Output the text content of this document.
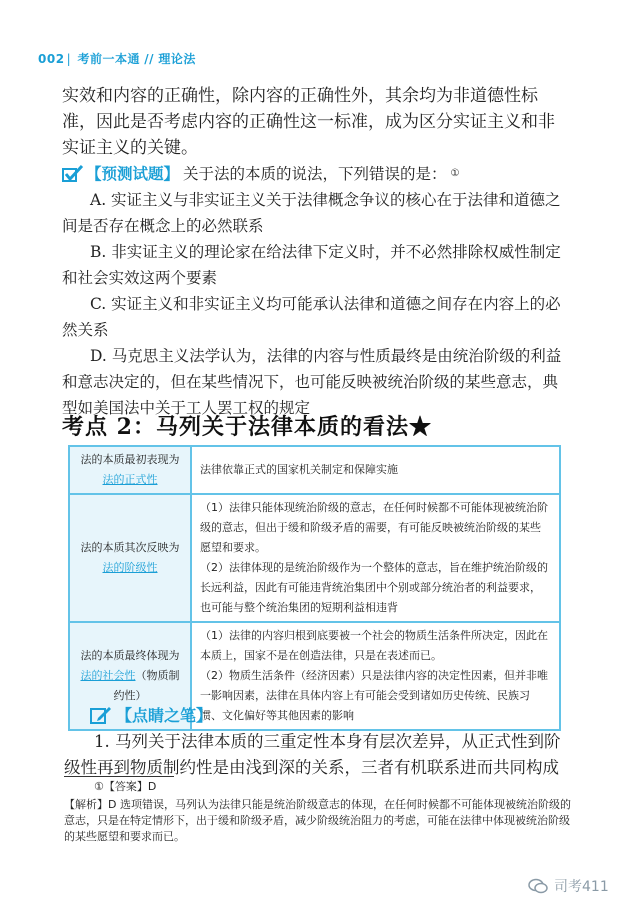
002 | 考前一本通 // 理论法
实效和内容的正确性，除内容的正确性外，其余均为非道德性标准，因此是否考虑内容的正确性这一标准，成为区分实证主义和非实证主义的关键。
【预测试题】 关于法的本质的说法，下列错误的是： ①
A. 实证主义与非实证主义关于法律概念争议的核心在于法律和道德之间是否存在概念上的必然联系
B. 非实证主义的理论家在给法律下定义时，并不必然排除权威性制定和社会实效这两个要素
C. 实证主义和非实证主义均可能承认法律和道德之间存在内容上的必然关系
D. 马克思主义法学认为，法律的内容与性质最终是由统治阶级的利益和意志决定的，但在某些情况下，也可能反映被统治阶级的某些意志，典型如美国法中关于工人罢工权的规定
考点 2：马列关于法律本质的看法★
法的本质最初表现为法的正式性	法律依靠正式的国家机关制定和保障实施

法的本质其次反映为法的阶级性	（1）法律只能体现统治阶级的意志，在任何时候都不可能体现被统治阶级的意志，但出于缓和阶级矛盾的需要，有可能反映被统治阶级的某些愿望和要求。
（2）法律体现的是统治阶级作为一个整体的意志，旨在维护统治阶级的长远利益，因此有可能违背统治集团中个别或部分统治者的利益要求，也可能与整个统治集团的短期利益相违背

法的本质最终体现为法的社会性（物质制约性）	（1）法律的内容归根到底要被一个社会的物质生活条件所决定，因此在本质上，国家不是在创造法律，只是在表述而已。
（2）物质生活条件（经济因素）只是法律内容的决定性因素，但并非唯一影响因素，法律在具体内容上有可能会受到诸如历史传统、民族习惯、文化偏好等其他因素的影响
【点睛之笔】
1. 马列关于法律本质的三重定性本身有层次差异，从正式性到阶级性再到物质制约性是由浅到深的关系，三者有机联系进而共同构成
①【答案】D
【解析】D 选项错误，马列认为法律只能是统治阶级意志的体现，在任何时候都不可能体现被统治阶级的意志，只是在特定情形下，出于缓和阶级矛盾，减少阶级统治阻力的考虑，可能在法律中体现被统治阶级的某些愿望和要求而已。
司考411
